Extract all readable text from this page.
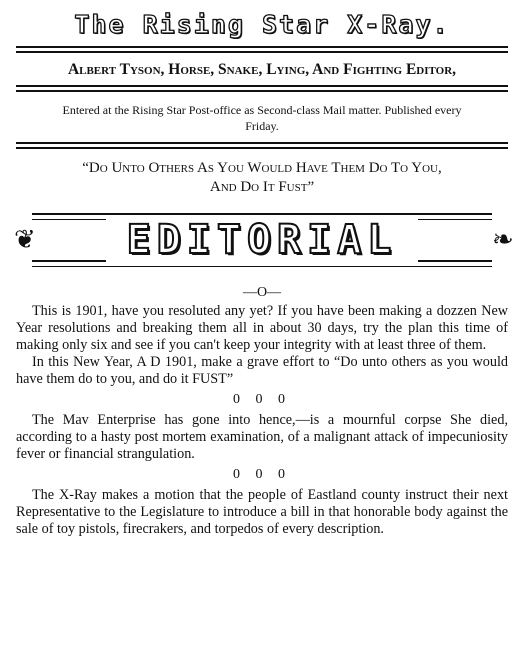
The Rising Star X-Ray.
Albert Tyson, Horse, Snake, Lying, And Fighting Editor,
Entered at the Rising Star Post-office as Second-class Mail matter. Published every Friday.
“Do Unto Others As You Would Have Them Do To You,
And Do It Fust”
❦	❧
EDITORIAL
—O—

This is 1901, have you resoluted any yet? If you have been making a dozzen New Year resolutions and breaking them all in about 30 days, try the plan this time of making only six and see if you can't keep your integrity with at least three of them.

In this New Year, A D 1901, make a grave effort to “Do unto others as you would have them do to you, and do it FUST”

0 0 0

The Mav Enterprise has gone into hence,—is a mournful corpse She died, according to a hasty post mortem examination, of a malignant attack of impecuniosity fever or financial strangulation.

0 0 0

The X-Ray makes a motion that the people of Eastland county instruct their next Representative to the Legislature to introduce a bill in that honorable body against the sale of toy pistols, firecrakers, and torpedos of every description.
